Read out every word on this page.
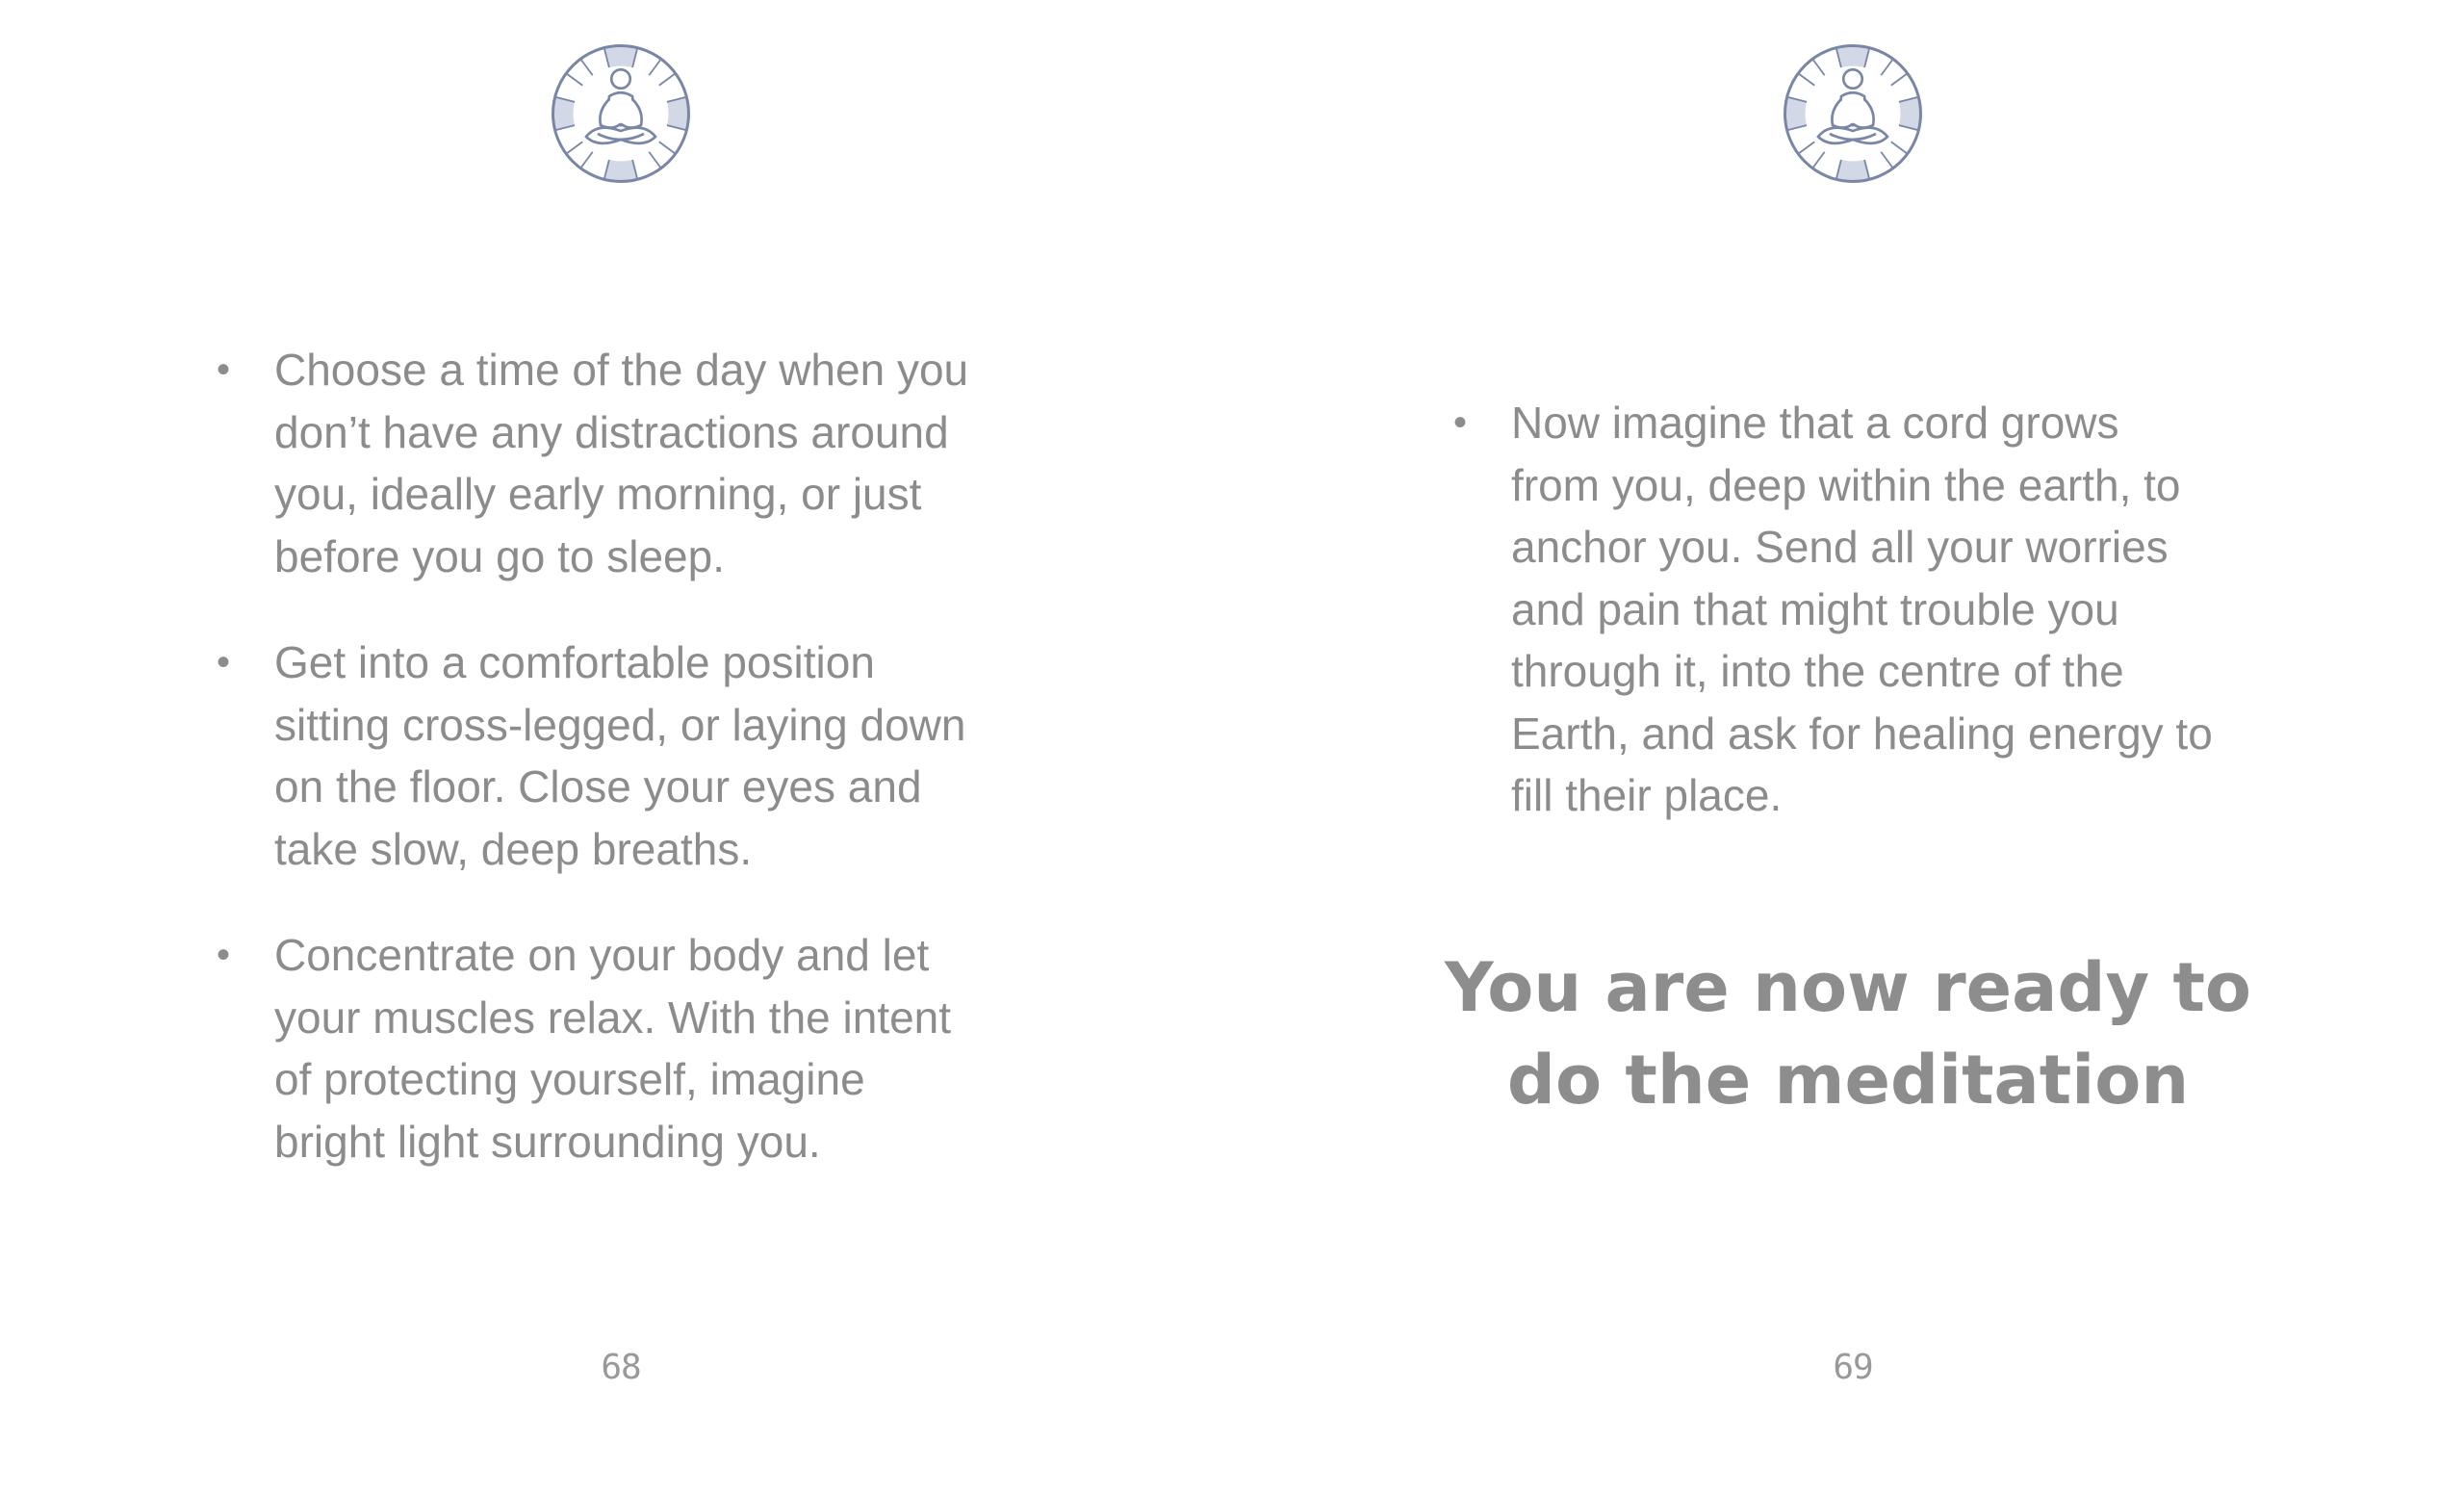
• Choose a time of the day when you
don’t have any distractions around
you, ideally early morning, or just
before you go to sleep.
• Get into a comfortable position
sitting cross-legged, or laying down
on the floor. Close your eyes and
take slow, deep breaths.
• Concentrate on your body and let
your muscles relax. With the intent
of protecting yourself, imagine
bright light surrounding you.
68
• Now imagine that a cord grows
from you, deep within the earth, to
anchor you. Send all your worries
and pain that might trouble you
through it, into the centre of the
Earth, and ask for healing energy to
fill their place.
You are now ready to
do the meditation
69
